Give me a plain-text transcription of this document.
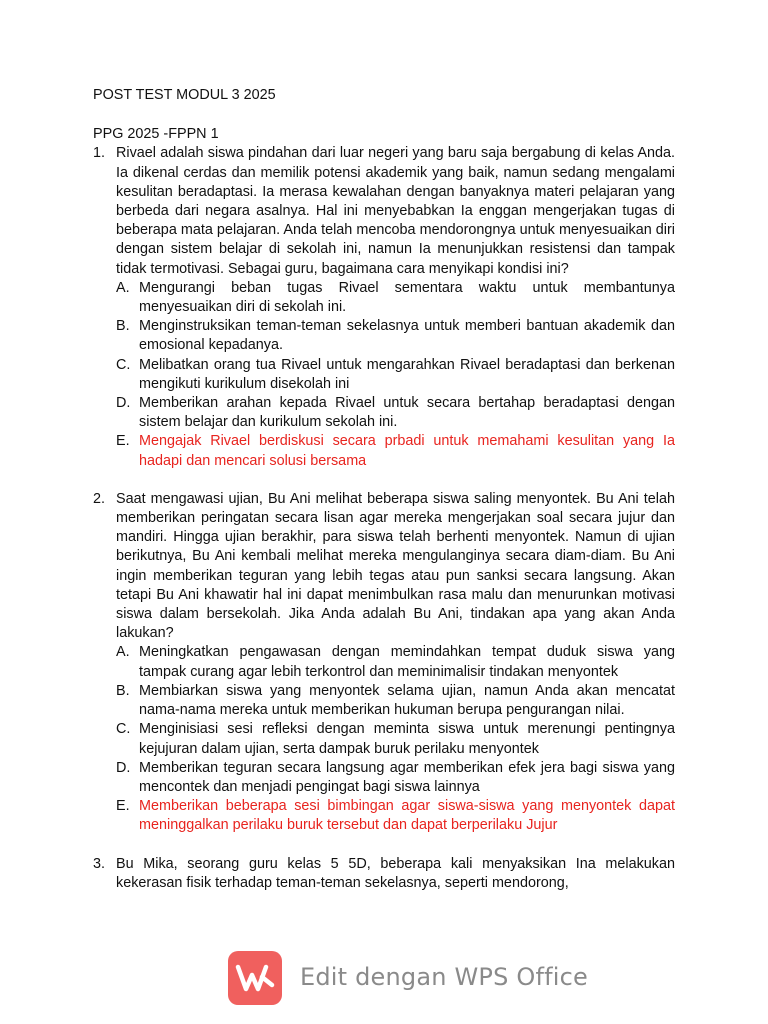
POST TEST MODUL 3 2025

PPG 2025 -FPPN 1

1. Rivael adalah siswa pindahan dari luar negeri yang baru saja bergabung di kelas Anda. Ia dikenal cerdas dan memilik potensi akademik yang baik, namun sedang mengalami kesulitan beradaptasi. Ia merasa kewalahan dengan banyaknya materi pelajaran yang berbeda dari negara asalnya. Hal ini menyebabkan Ia enggan mengerjakan tugas di beberapa mata pelajaran. Anda telah mencoba mendorongnya untuk menyesuaikan diri dengan sistem belajar di sekolah ini, namun Ia menunjukkan resistensi dan tampak tidak termotivasi. Sebagai guru, bagaimana cara menyikapi kondisi ini?
A. Mengurangi beban tugas Rivael sementara waktu untuk membantunya menyesuaikan diri di sekolah ini.
B. Menginstruksikan teman-teman sekelasnya untuk memberi bantuan akademik dan emosional kepadanya.
C. Melibatkan orang tua Rivael untuk mengarahkan Rivael beradaptasi dan berkenan mengikuti kurikulum disekolah ini
D. Memberikan arahan kepada Rivael untuk secara bertahap beradaptasi dengan sistem belajar dan kurikulum sekolah ini.
E. Mengajak Rivael berdiskusi secara prbadi untuk memahami kesulitan yang Ia hadapi dan mencari solusi bersama
2. Saat mengawasi ujian, Bu Ani melihat beberapa siswa saling menyontek. Bu Ani telah memberikan peringatan secara lisan agar mereka mengerjakan soal secara jujur dan mandiri. Hingga ujian berakhir, para siswa telah berhenti menyontek. Namun di ujian berikutnya, Bu Ani kembali melihat mereka mengulanginya secara diam-diam. Bu Ani ingin memberikan teguran yang lebih tegas atau pun sanksi secara langsung. Akan tetapi Bu Ani khawatir hal ini dapat menimbulkan rasa malu dan menurunkan motivasi siswa dalam bersekolah. Jika Anda adalah Bu Ani, tindakan apa yang akan Anda lakukan?
A. Meningkatkan pengawasan dengan memindahkan tempat duduk siswa yang tampak curang agar lebih terkontrol dan meminimalisir tindakan menyontek
B. Membiarkan siswa yang menyontek selama ujian, namun Anda akan mencatat nama-nama mereka untuk memberikan hukuman berupa pengurangan nilai.
C. Menginisiasi sesi refleksi dengan meminta siswa untuk merenungi pentingnya kejujuran dalam ujian, serta dampak buruk perilaku menyontek
D. Memberikan teguran secara langsung agar memberikan efek jera bagi siswa yang mencontek dan menjadi pengingat bagi siswa lainnya
E. Memberikan beberapa sesi bimbingan agar siswa-siswa yang menyontek dapat meninggalkan perilaku buruk tersebut dan dapat berperilaku Jujur
3. Bu Mika, seorang guru kelas 5 5D, beberapa kali menyaksikan Ina melakukan kekerasan fisik terhadap teman-teman sekelasnya, seperti mendorong,
Edit dengan WPS Office
